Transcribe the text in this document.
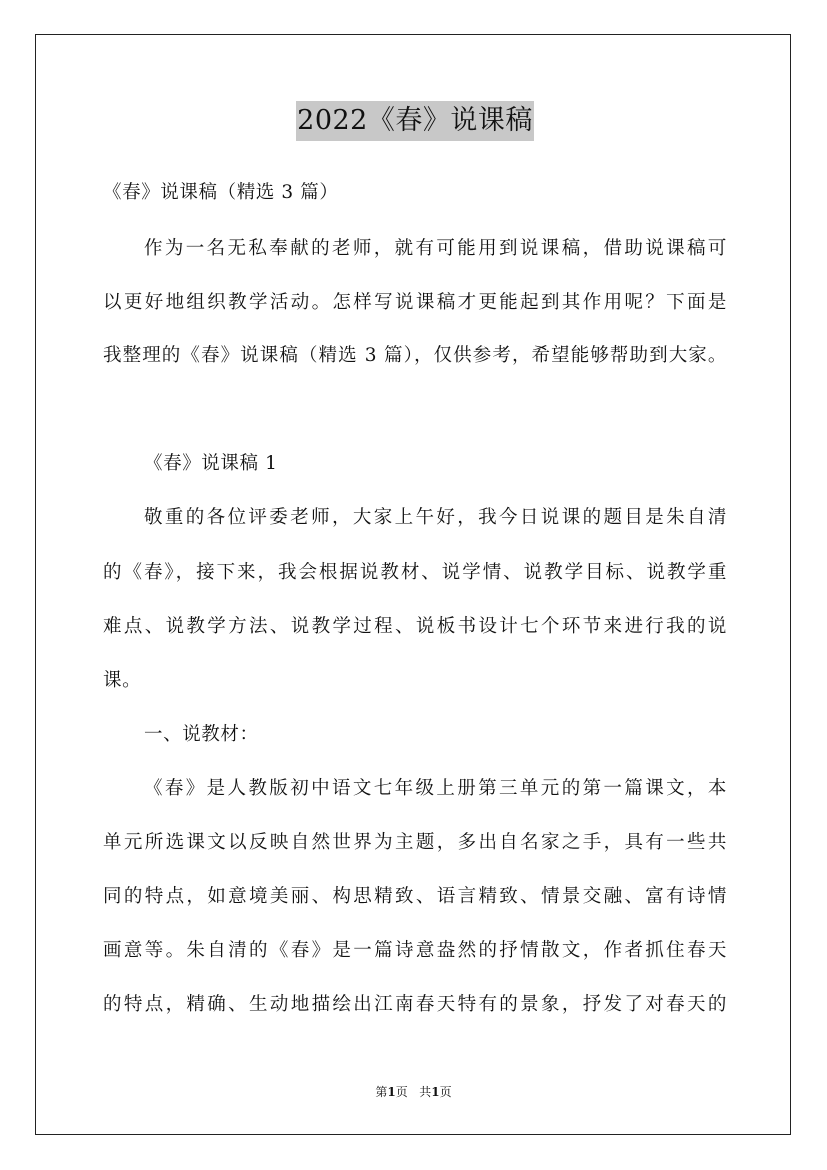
2022《春》说课稿
《春》说课稿（精选 3 篇）
作为一名无私奉献的老师，就有可能用到说课稿，借助说课稿可
以更好地组织教学活动。怎样写说课稿才更能起到其作用呢？下面是
我整理的《春》说课稿（精选 3 篇），仅供参考，希望能够帮助到大家。
《春》说课稿 1
敬重的各位评委老师，大家上午好，我今日说课的题目是朱自清
的《春》，接下来，我会根据说教材、说学情、说教学目标、说教学重
难点、说教学方法、说教学过程、说板书设计七个环节来进行我的说
课。
一、说教材：
《春》是人教版初中语文七年级上册第三单元的第一篇课文，本
单元所选课文以反映自然世界为主题，多出自名家之手，具有一些共
同的特点，如意境美丽、构思精致、语言精致、情景交融、富有诗情
画意等。朱自清的《春》是一篇诗意盎然的抒情散文，作者抓住春天
的特点，精确、生动地描绘出江南春天特有的景象，抒发了对春天的
第1页 共1页
